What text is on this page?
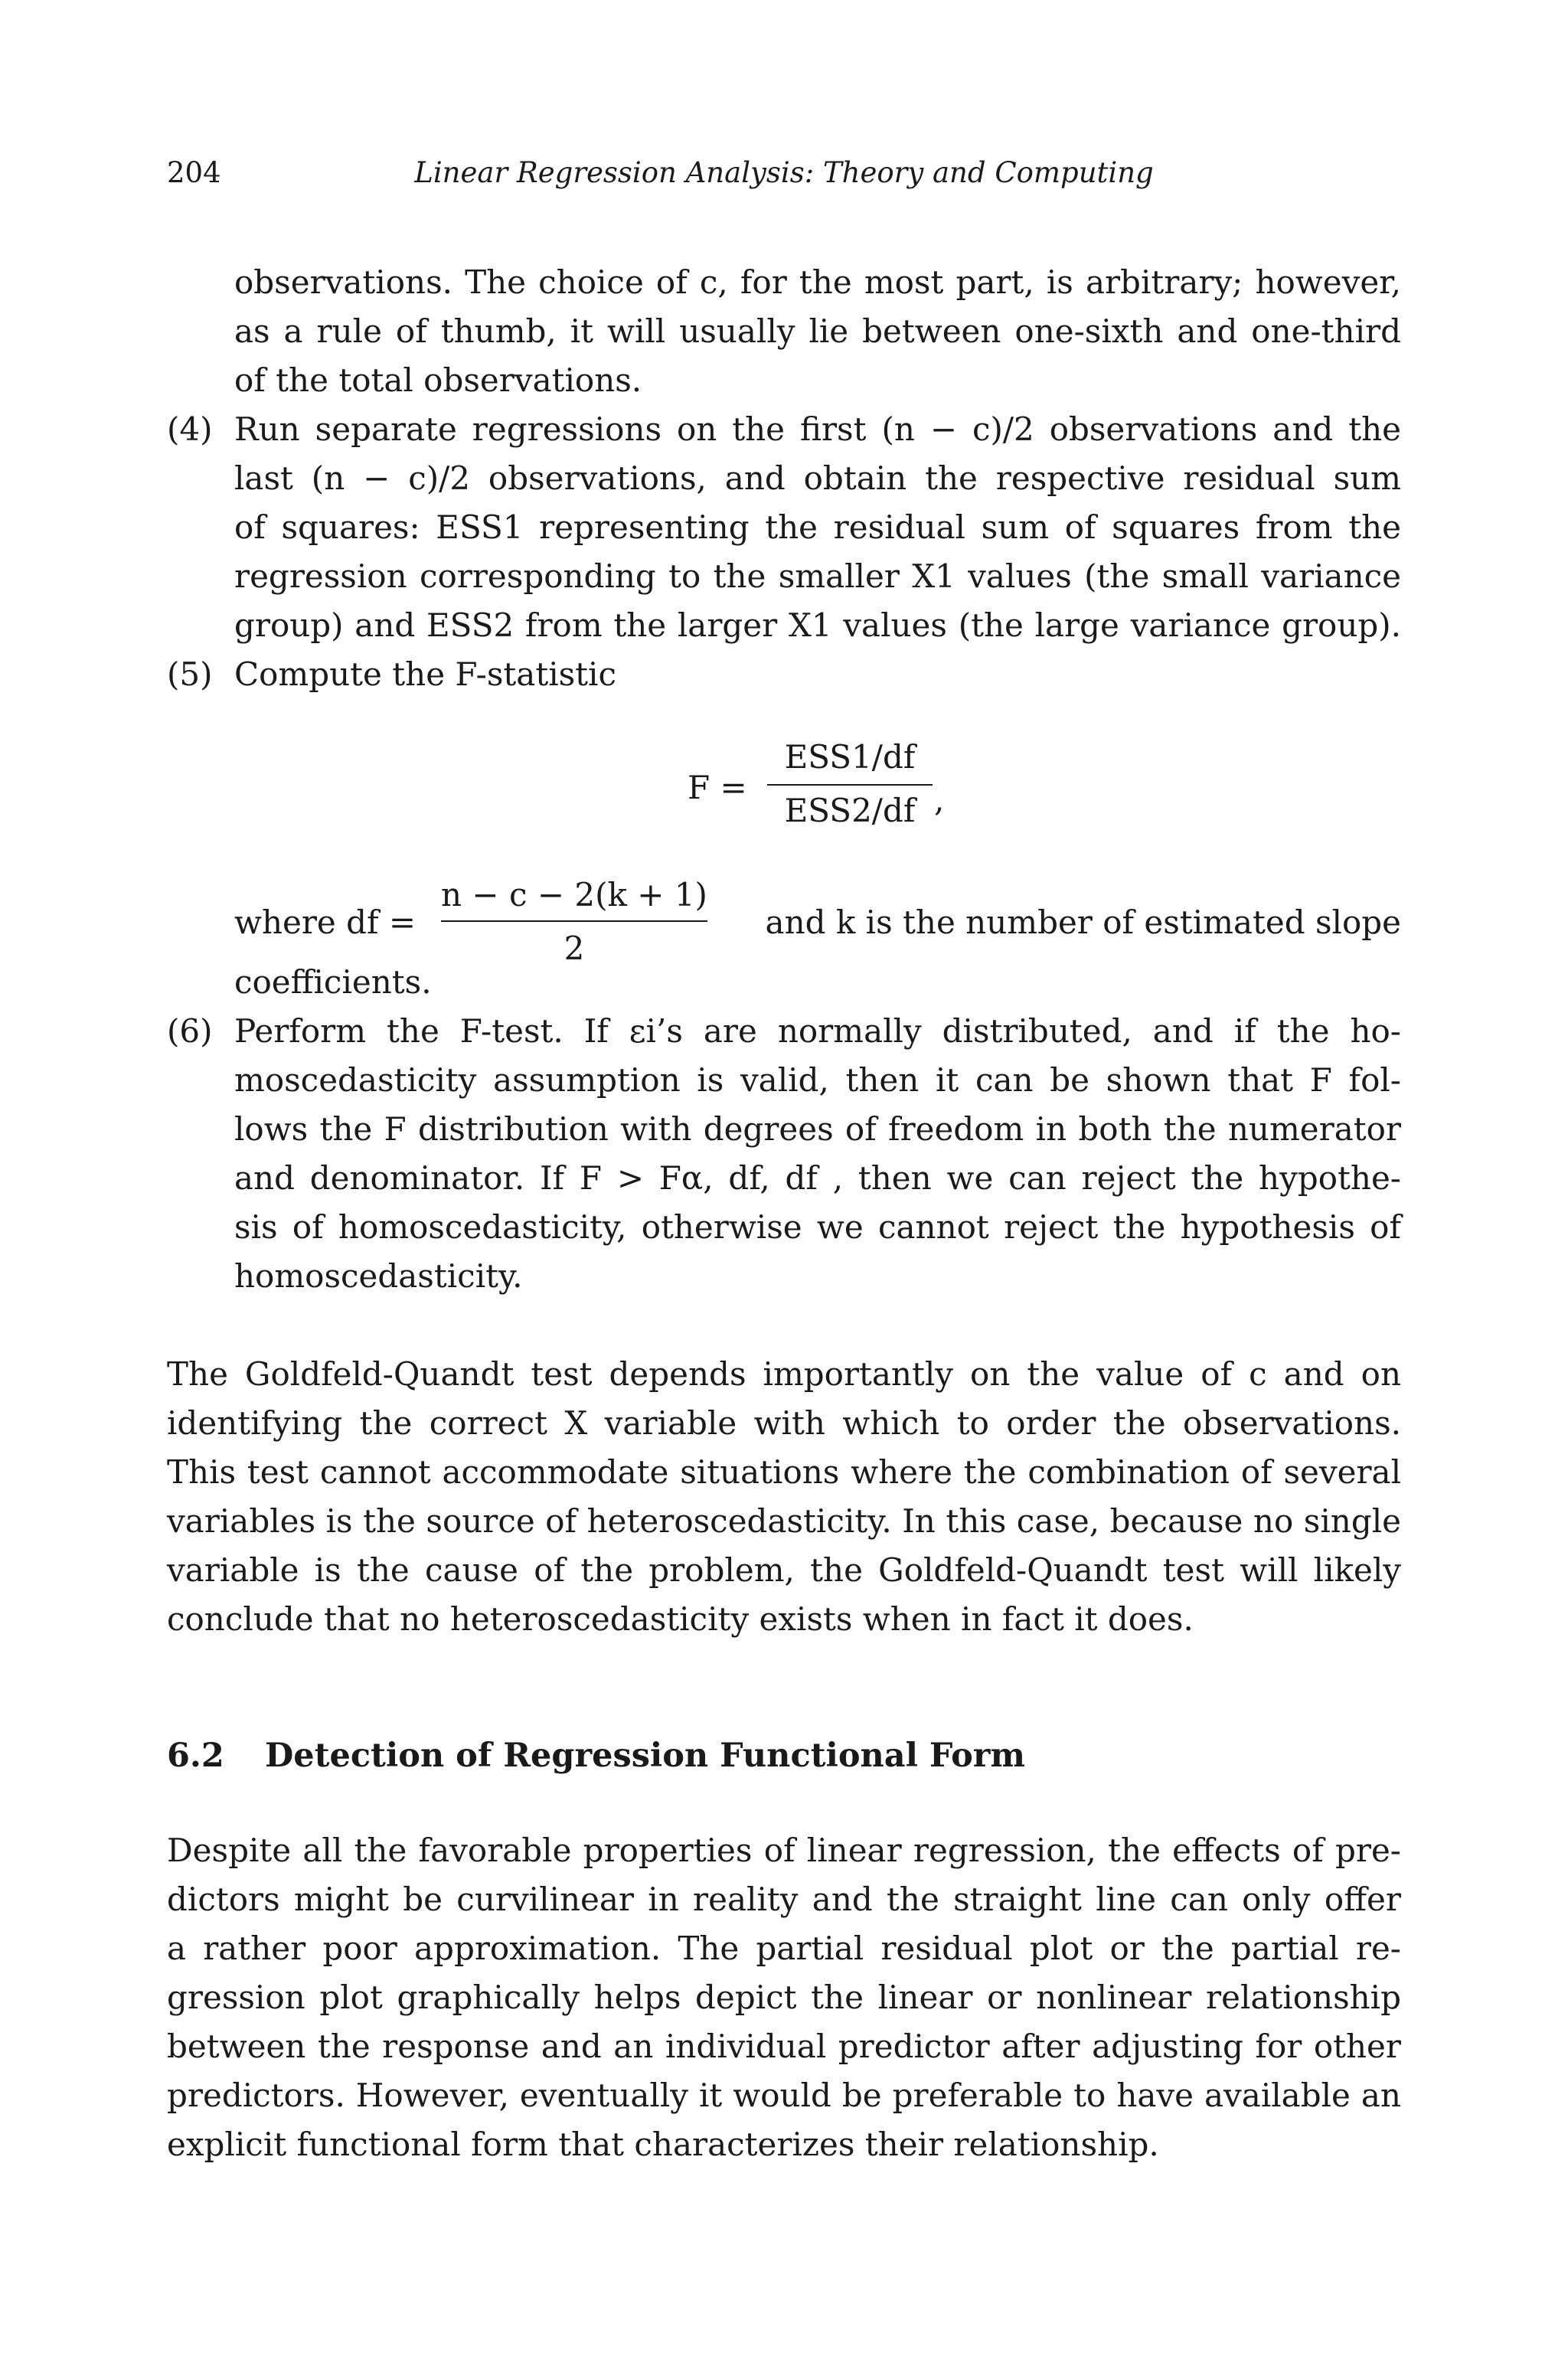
204	Linear Regression Analysis: Theory and Computing
observations. The choice of c, for the most part, is arbitrary; however,
as a rule of thumb, it will usually lie between one-sixth and one-third
of the total observations.
(4) Run separate regressions on the first (n − c)/2 observations and the
last (n − c)/2 observations, and obtain the respective residual sum
of squares: ESS1 representing the residual sum of squares from the
regression corresponding to the smaller X1 values (the small variance
group) and ESS2 from the larger X1 values (the large variance group).
(5) Compute the F-statistic
F =
ESS1/df
ESS2/df ,
where df =
n − c − 2(k + 1)
2
and k is the number of estimated slope
coefficients.
(6) Perform the F-test. If εi’s are normally distributed, and if the ho-
moscedasticity assumption is valid, then it can be shown that F fol-
lows the F distribution with degrees of freedom in both the numerator
and denominator. If F > Fα, df, df , then we can reject the hypothe-
sis of homoscedasticity, otherwise we cannot reject the hypothesis of
homoscedasticity.
The Goldfeld-Quandt test depends importantly on the value of c and on
identifying the correct X variable with which to order the observations.
This test cannot accommodate situations where the combination of several
variables is the source of heteroscedasticity. In this case, because no single
variable is the cause of the problem, the Goldfeld-Quandt test will likely
conclude that no heteroscedasticity exists when in fact it does.
6.2 Detection of Regression Functional Form
Despite all the favorable properties of linear regression, the effects of pre-
dictors might be curvilinear in reality and the straight line can only offer
a rather poor approximation. The partial residual plot or the partial re-
gression plot graphically helps depict the linear or nonlinear relationship
between the response and an individual predictor after adjusting for other
predictors. However, eventually it would be preferable to have available an
explicit functional form that characterizes their relationship.
